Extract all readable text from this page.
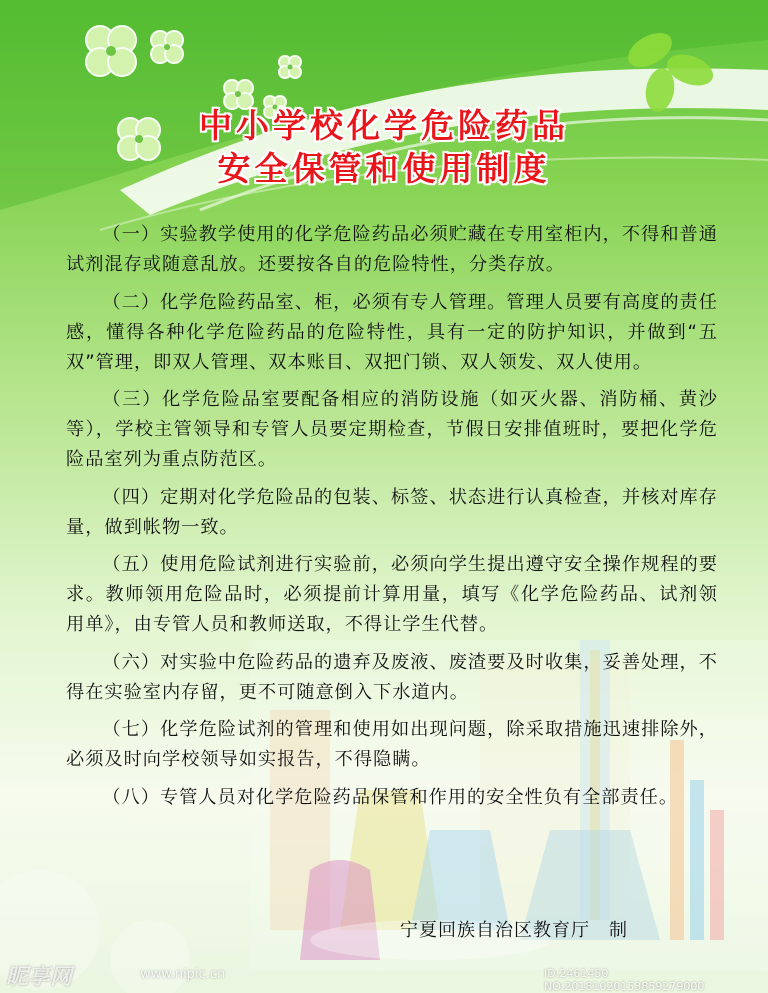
中小学校化学危险药品
安全保管和使用制度

（一）实验教学使用的化学危险药品必须贮藏在专用室柜内，不得和普通试剂混存或随意乱放。还要按各自的危险特性，分类存放。

（二）化学危险药品室、柜，必须有专人管理。管理人员要有高度的责任感，懂得各种化学危险药品的危险特性，具有一定的防护知识，并做到“五双”管理，即双人管理、双本账目、双把门锁、双人领发、双人使用。

（三）化学危险品室要配备相应的消防设施（如灭火器、消防桶、黄沙等），学校主管领导和专管人员要定期检查，节假日安排值班时，要把化学危险品室列为重点防范区。

（四）定期对化学危险品的包装、标签、状态进行认真检查，并核对库存量，做到帐物一致。

（五）使用危险试剂进行实验前，必须向学生提出遵守安全操作规程的要求。教师领用危险品时，必须提前计算用量，填写《化学危险药品、试剂领用单》，由专管人员和教师送取，不得让学生代替。

（六）对实验中危险药品的遗弃及废液、废渣要及时收集，妥善处理，不得在实验室内存留，更不可随意倒入下水道内。

（七）化学危险试剂的管理和使用如出现问题，除采取措施迅速排除外，必须及时向学校领导如实报告，不得隐瞒。

（八）专管人员对化学危险药品保管和作用的安全性负有全部责任。

宁夏回族自治区教育厅　制
昵享网	www.nipic.cn	ID:2461450 NO:20181020153859279000
